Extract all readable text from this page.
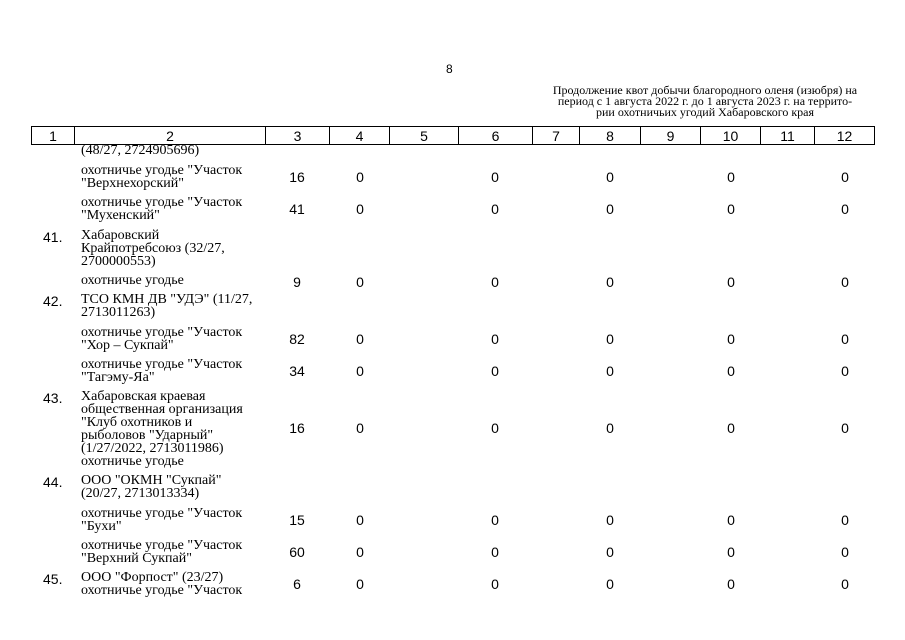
8
Продолжение квот добычи благородного оленя (изюбря) на
период с 1 августа 2022 г. до 1 августа 2023 г. на террито-
рии охотничьих угодий Хабаровского края
1	2	3	4	5	6	7	8	9	10	11	12
(48/27, 2724905696)
охотничье угодье "Участок
"Верхнехорский"	16	0	0	0	0	0
охотничье угодье "Участок
"Мухенский"	41	0	0	0	0	0
41.	Хабаровский
Крайпотребсоюз (32/27,
2700000553)
охотничье угодье	9	0	0	0	0	0
42.	ТСО КМН ДВ "УДЭ" (11/27,
2713011263)
охотничье угодье "Участок
"Хор – Сукпай"	82	0	0	0	0	0
охотничье угодье "Участок
"Тагэму-Яа"	34	0	0	0	0	0
43.	Хабаровская краевая
общественная организация
"Клуб охотников и
рыболовов "Ударный"
(1/27/2022, 2713011986)
охотничье угодье
16	0	0	0	0	0
44.	ООО "ОКМН "Сукпай"
(20/27, 2713013334)
охотничье угодье "Участок
"Бухи"	15	0	0	0	0	0
охотничье угодье "Участок
"Верхний Сукпай"	60	0	0	0	0	0
45.	ООО "Форпост" (23/27)
охотничье угодье "Участок	6	0	0	0	0	0
